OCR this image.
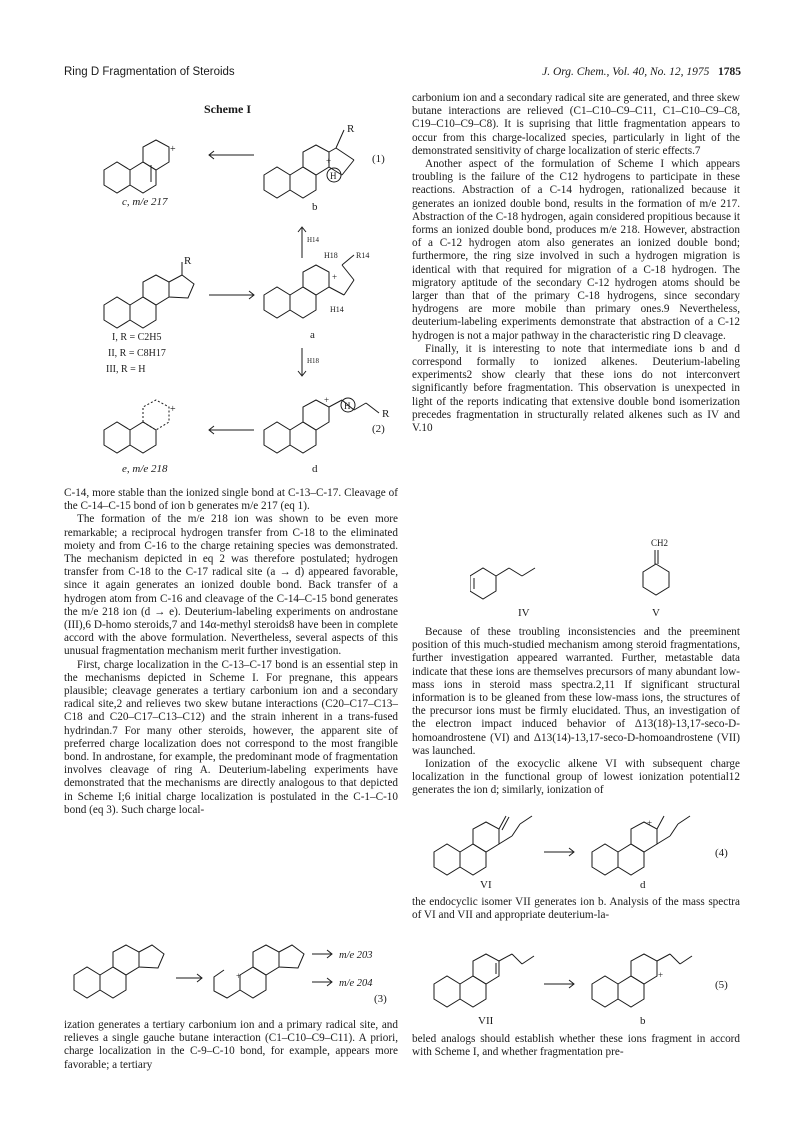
Ring D Fragmentation of Steroids	J. Org. Chem., Vol. 40, No. 12, 1975 1785
Scheme I
+
H
+
R
(1)
c, m/e 217	b
H14
R	H18 R14
H14
+
a
I, R = C2H5
II, R = C8H17
III, R = H
H18
+	H
R
+
(2)
e, m/e 218	d

C-14, more stable than the ionized single bond at C-13–C-17. Cleavage of the C-14–C-15 bond of ion b generates m/e 217 (eq 1).

The formation of the m/e 218 ion was shown to be even more remarkable; a reciprocal hydrogen transfer from C-18 to the eliminated moiety and from C-16 to the charge retaining species was demonstrated. The mechanism depicted in eq 2 was therefore postulated; hydrogen transfer from C-18 to the C-17 radical site (a → d) appeared favorable, since it again generates an ionized double bond. Back transfer of a hydrogen atom from C-16 and cleavage of the C-14–C-15 bond generates the m/e 218 ion (d → e). Deuterium-labeling experiments on androstane (III),6 D-homo steroids,7 and 14α-methyl steroids8 have been in complete accord with the above formulation. Nevertheless, several aspects of this unusual fragmentation mechanism merit further investigation.

First, charge localization in the C-13–C-17 bond is an essential step in the mechanisms depicted in Scheme I. For pregnane, this appears plausible; cleavage generates a tertiary carbonium ion and a secondary radical site,2 and relieves two skew butane interactions (C20–C17–C13–C18 and C20–C17–C13–C12) and the strain inherent in a trans-fused hydrindan.7 For many other steroids, however, the apparent site of preferred charge localization does not correspond to the most frangible bond. In androstane, for example, the predominant mode of fragmentation involves cleavage of ring A. Deuterium-labeling experiments have demonstrated that the mechanisms are directly analogous to that depicted in Scheme I;6 initial charge localization is postulated in the C-1–C-10 bond (eq 3). Such charge local-

+
m/e 203
m/e 204
(3)

ization generates a tertiary carbonium ion and a primary radical site, and relieves a single gauche butane interaction (C1–C10–C9–C11). A priori, charge localization in the C-9–C-10 bond, for example, appears more favorable; a tertiary

carbonium ion and a secondary radical site are generated, and three skew butane interactions are relieved (C1–C10–C9–C11, C1–C10–C9–C8, C19–C10–C9–C8). It is suprising that little fragmentation appears to occur from this charge-localized species, particularly in light of the demonstrated sensitivity of charge localization of steric effects.7

Another aspect of the formulation of Scheme I which appears troubling is the failure of the C12 hydrogens to participate in these reactions. Abstraction of a C-14 hydrogen, rationalized because it generates an ionized double bond, results in the formation of m/e 217. Abstraction of the C-18 hydrogen, again considered propitious because it forms an ionized double bond, produces m/e 218. However, abstraction of a C-12 hydrogen atom also generates an ionized double bond; furthermore, the ring size involved in such a hydrogen migration is identical with that required for migration of a C-18 hydrogen. The migratory aptitude of the secondary C-12 hydrogen atoms should be larger than that of the primary C-18 hydrogens, since secondary hydrogens are more mobile than primary ones.9 Nevertheless, deuterium-labeling experiments demonstrate that abstraction of a C-12 hydrogen is not a major pathway in the characteristic ring D cleavage.

Finally, it is interesting to note that intermediate ions b and d correspond formally to ionized alkenes. Deuterium-labeling experiments2 show clearly that these ions do not interconvert significantly before fragmentation. This observation is unexpected in light of the reports indicating that extensive double bond isomerization precedes fragmentation in structurally related alkenes such as IV and V.10

IV
CH2
V

Because of these troubling inconsistencies and the preeminent position of this much-studied mechanism among steroid fragmentations, further investigation appeared warranted. Further, metastable data indicate that these ions are themselves precursors of many abundant low-mass ions in steroid mass spectra.2,11 If significant structural information is to be gleaned from these low-mass ions, the structures of the precursor ions must be firmly elucidated. Thus, an investigation of the electron impact induced behavior of Δ13(18)-13,17-seco-D-homoandrostene (VI) and Δ13(14)-13,17-seco-D-homoandrostene (VII) was launched.

Ionization of the exocyclic alkene VI with subsequent charge localization in the functional group of lowest ionization potential12 generates the ion d; similarly, ionization of

VI
+
d
(4)

the endocyclic isomer VII generates ion b. Analysis of the mass spectra of VI and VII and appropriate deuterium-la-

VII
+
b
(5)

beled analogs should establish whether these ions fragment in accord with Scheme I, and whether fragmentation pre-
